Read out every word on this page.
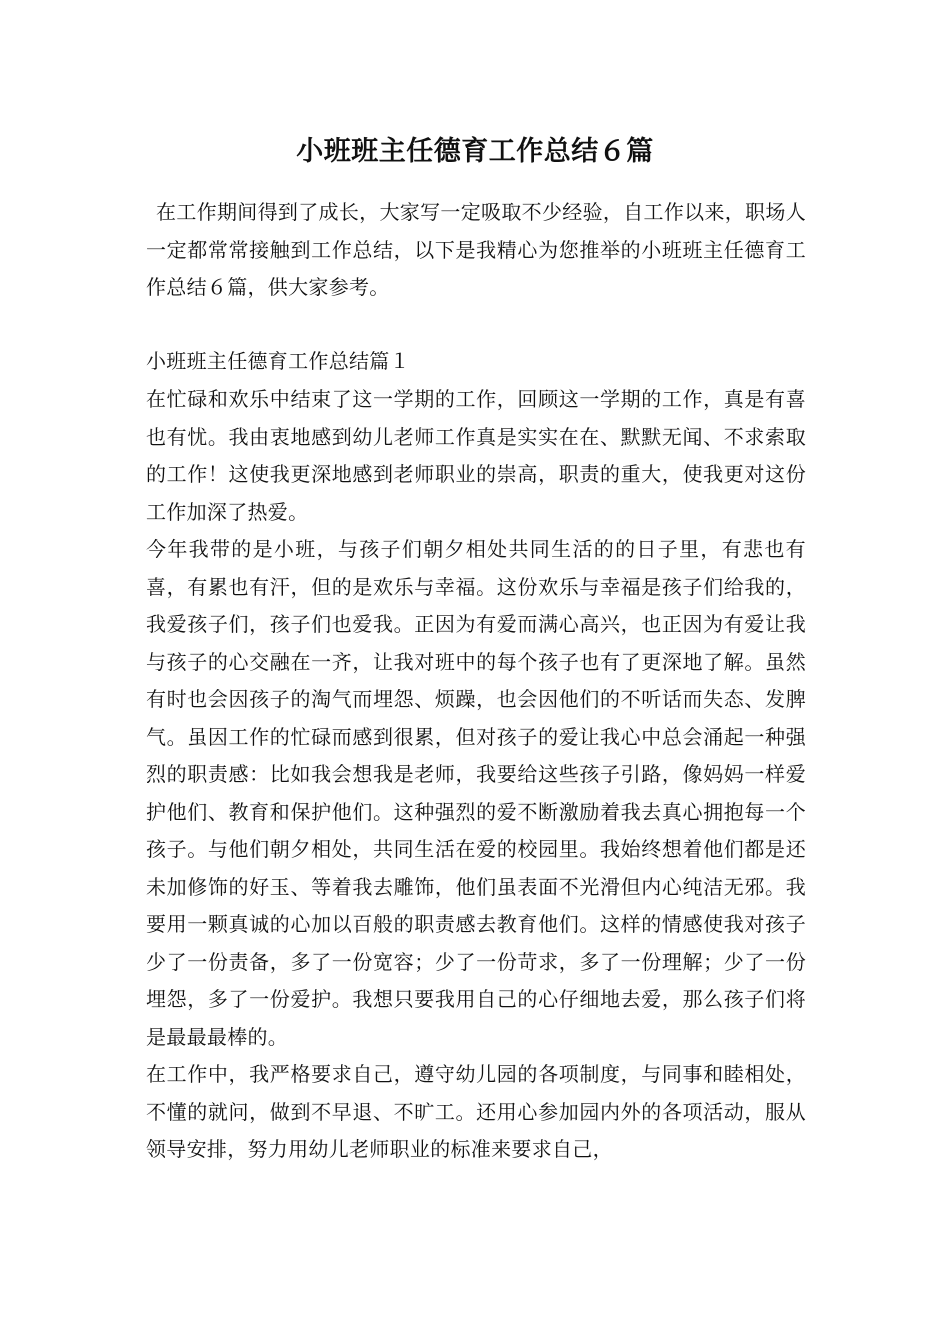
小班班主任德育工作总结６篇

在工作期间得到了成长，大家写一定吸取不少经验，自工作以来，职场人一定都常常接触到工作总结，以下是我精心为您推举的小班班主任德育工作总结６篇，供大家参考。

小班班主任德育工作总结篇１

在忙碌和欢乐中结束了这一学期的工作，回顾这一学期的工作，真是有喜也有忧。我由衷地感到幼儿老师工作真是实实在在、默默无闻、不求索取的工作！这使我更深地感到老师职业的崇高，职责的重大，使我更对这份工作加深了热爱。

今年我带的是小班，与孩子们朝夕相处共同生活的的日子里，有悲也有喜，有累也有汗，但的是欢乐与幸福。这份欢乐与幸福是孩子们给我的，我爱孩子们，孩子们也爱我。正因为有爱而满心高兴，也正因为有爱让我与孩子的心交融在一齐，让我对班中的每个孩子也有了更深地了解。虽然有时也会因孩子的淘气而埋怨、烦躁，也会因他们的不听话而失态、发脾气。虽因工作的忙碌而感到很累，但对孩子的爱让我心中总会涌起一种强烈的职责感：比如我会想我是老师，我要给这些孩子引路，像妈妈一样爱护他们、教育和保护他们。这种强烈的爱不断激励着我去真心拥抱每一个孩子。与他们朝夕相处，共同生活在爱的校园里。我始终想着他们都是还未加修饰的好玉、等着我去雕饰，他们虽表面不光滑但内心纯洁无邪。我要用一颗真诚的心加以百般的职责感去教育他们。这样的情感使我对孩子少了一份责备，多了一份宽容；少了一份苛求，多了一份理解；少了一份埋怨，多了一份爱护。我想只要我用自己的心仔细地去爱，那么孩子们将是最最最棒的。

在工作中，我严格要求自己，遵守幼儿园的各项制度，与同事和睦相处，不懂的就问，做到不早退、不旷工。还用心参加园内外的各项活动，服从领导安排，努力用幼儿老师职业的标准来要求自己，
